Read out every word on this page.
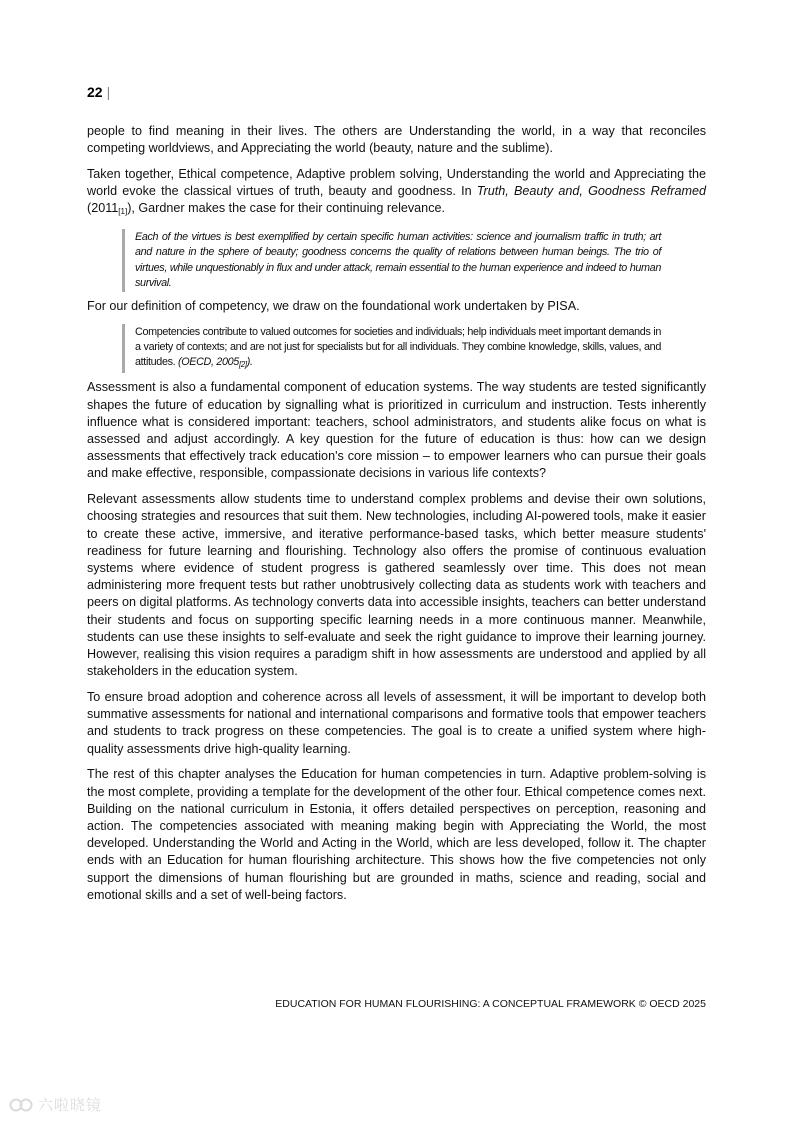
22 |

people to find meaning in their lives. The others are Understanding the world, in a way that reconciles competing worldviews, and Appreciating the world (beauty, nature and the sublime).

Taken together, Ethical competence, Adaptive problem solving, Understanding the world and Appreciating the world evoke the classical virtues of truth, beauty and goodness. In Truth, Beauty and, Goodness Reframed (2011[1]), Gardner makes the case for their continuing relevance.

Each of the virtues is best exemplified by certain specific human activities: science and journalism traffic in truth; art and nature in the sphere of beauty; goodness concerns the quality of relations between human beings. The trio of virtues, while unquestionably in flux and under attack, remain essential to the human experience and indeed to human survival.

For our definition of competency, we draw on the foundational work undertaken by PISA.

Competencies contribute to valued outcomes for societies and individuals; help individuals meet important demands in a variety of contexts; and are not just for specialists but for all individuals. They combine knowledge, skills, values, and attitudes. (OECD, 2005[2]).

Assessment is also a fundamental component of education systems. The way students are tested significantly shapes the future of education by signalling what is prioritized in curriculum and instruction. Tests inherently influence what is considered important: teachers, school administrators, and students alike focus on what is assessed and adjust accordingly. A key question for the future of education is thus: how can we design assessments that effectively track education's core mission – to empower learners who can pursue their goals and make effective, responsible, compassionate decisions in various life contexts?

Relevant assessments allow students time to understand complex problems and devise their own solutions, choosing strategies and resources that suit them. New technologies, including AI-powered tools, make it easier to create these active, immersive, and iterative performance-based tasks, which better measure students' readiness for future learning and flourishing. Technology also offers the promise of continuous evaluation systems where evidence of student progress is gathered seamlessly over time. This does not mean administering more frequent tests but rather unobtrusively collecting data as students work with teachers and peers on digital platforms. As technology converts data into accessible insights, teachers can better understand their students and focus on supporting specific learning needs in a more continuous manner. Meanwhile, students can use these insights to self-evaluate and seek the right guidance to improve their learning journey. However, realising this vision requires a paradigm shift in how assessments are understood and applied by all stakeholders in the education system.

To ensure broad adoption and coherence across all levels of assessment, it will be important to develop both summative assessments for national and international comparisons and formative tools that empower teachers and students to track progress on these competencies. The goal is to create a unified system where high-quality assessments drive high-quality learning.

The rest of this chapter analyses the Education for human competencies in turn. Adaptive problem-solving is the most complete, providing a template for the development of the other four. Ethical competence comes next. Building on the national curriculum in Estonia, it offers detailed perspectives on perception, reasoning and action. The competencies associated with meaning making begin with Appreciating the World, the most developed. Understanding the World and Acting in the World, which are less developed, follow it. The chapter ends with an Education for human flourishing architecture. This shows how the five competencies not only support the dimensions of human flourishing but are grounded in maths, science and reading, social and emotional skills and a set of well-being factors.

EDUCATION FOR HUMAN FLOURISHING: A CONCEPTUAL FRAMEWORK © OECD 2025

六啦晓镜
